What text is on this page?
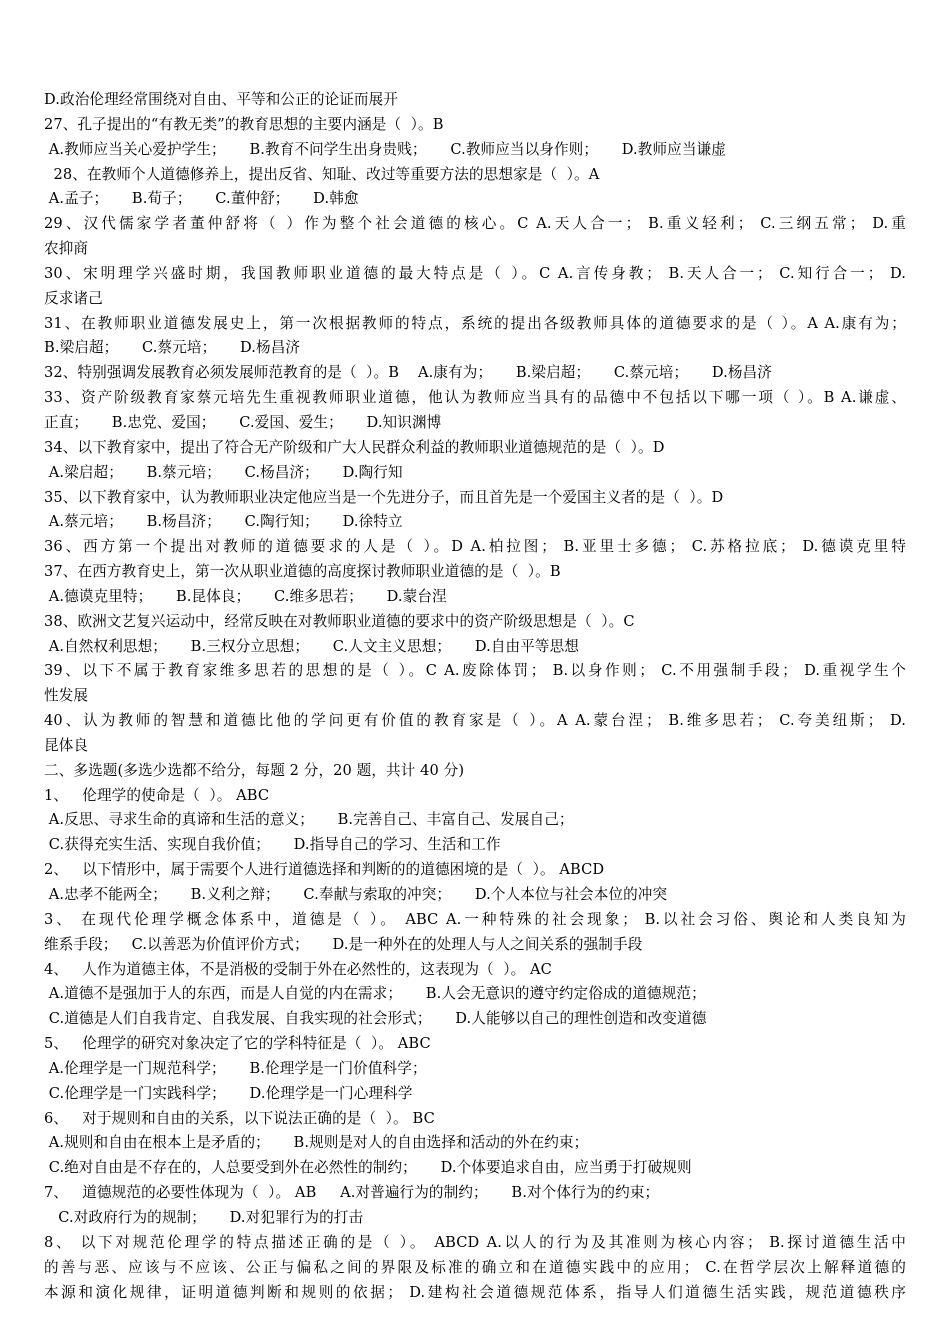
D.政治伦理经常围绕对自由、平等和公正的论证而展开
27、孔子提出的“有教无类”的教育思想的主要内涵是（  ）。B
A.教师应当关心爱护学生；     B.教育不问学生出身贵贱；     C.教师应当以身作则；     D.教师应当谦虚
28、在教师个人道德修养上，提出反省、知耻、改过等重要方法的思想家是（  ）。A
A.孟子；     B.荀子；     C.董仲舒；     D.韩愈
29、汉代儒家学者董仲舒将（ ）作为整个社会道德的核心。C A.天人合一； B.重义轻利； C.三纲五常； D.重
农抑商
30、宋明理学兴盛时期，我国教师职业道德的最大特点是（ ）。C A.言传身教； B.天人合一； C.知行合一； D.
反求诸己
31、在教师职业道德发展史上，第一次根据教师的特点，系统的提出各级教师具体的道德要求的是（ ）。A A.康有为；
B.梁启超；     C.蔡元培；     D.杨昌济
32、特别强调发展教育必须发展师范教育的是（  ）。B    A.康有为；     B.梁启超；     C.蔡元培；     D.杨昌济
33、资产阶级教育家蔡元培先生重视教师职业道德，他认为教师应当具有的品德中不包括以下哪一项（ ）。B A.谦虚、
正直；     B.忠党、爱国；     C.爱国、爱生；     D.知识渊博
34、以下教育家中，提出了符合无产阶级和广大人民群众利益的教师职业道德规范的是（  ）。D
A.梁启超；     B.蔡元培；     C.杨昌济；     D.陶行知
35、以下教育家中，认为教师职业决定他应当是一个先进分子，而且首先是一个爱国主义者的是（  ）。D
A.蔡元培；     B.杨昌济；     C.陶行知；     D.徐特立
36、西方第一个提出对教师的道德要求的人是（ ）。D A.柏拉图； B.亚里士多德； C.苏格拉底； D.德谟克里特
37、在西方教育史上，第一次从职业道德的高度探讨教师职业道德的是（  ）。B
A.德谟克里特；     B.昆体良；     C.维多思若；     D.蒙台涅
38、欧洲文艺复兴运动中，经常反映在对教师职业道德的要求中的资产阶级思想是（  ）。C
A.自然权利思想；     B.三权分立思想；     C.人文主义思想；     D.自由平等思想
39、以下不属于教育家维多思若的思想的是（ ）。C A.废除体罚； B.以身作则； C.不用强制手段； D.重视学生个
性发展
40、认为教师的智慧和道德比他的学问更有价值的教育家是（ ）。A A.蒙台涅； B.维多思若； C.夸美纽斯； D.
昆体良
二、多选题(多选少选都不给分，每题 2 分，20 题，共计 40 分)
1、   伦理学的使命是（  ）。 ABC
A.反思、寻求生命的真谛和生活的意义；     B.完善自己、丰富自己、发展自己；
C.获得充实生活、实现自我价值；     D.指导自己的学习、生活和工作
2、   以下情形中，属于需要个人进行道德选择和判断的的道德困境的是（  ）。 ABCD
A.忠孝不能两全；     B.义利之辩；     C.奉献与索取的冲突；     D.个人本位与社会本位的冲突
3、 在现代伦理学概念体系中，道德是（ ）。 ABC A.一种特殊的社会现象； B.以社会习俗、舆论和人类良知为
维系手段；   C.以善恶为价值评价方式；     D.是一种外在的处理人与人之间关系的强制手段
4、   人作为道德主体，不是消极的受制于外在必然性的，这表现为（  ）。 AC
A.道德不是强加于人的东西，而是人自觉的内在需求；     B.人会无意识的遵守约定俗成的道德规范；
C.道德是人们自我肯定、自我发展、自我实现的社会形式；     D.人能够以自己的理性创造和改变道德
5、   伦理学的研究对象决定了它的学科特征是（  ）。 ABC
A.伦理学是一门规范科学；     B.伦理学是一门价值科学；
C.伦理学是一门实践科学；     D.伦理学是一门心理科学
6、   对于规则和自由的关系，以下说法正确的是（  ）。 BC
A.规则和自由在根本上是矛盾的；     B.规则是对人的自由选择和活动的外在约束；
C.绝对自由是不存在的，人总要受到外在必然性的制约；     D.个体要追求自由，应当勇于打破规则
7、   道德规范的必要性体现为（  ）。 AB     A.对普遍行为的制约；     B.对个体行为的约束；
C.对政府行为的规制；     D.对犯罪行为的打击
8、 以下对规范伦理学的特点描述正确的是（ ）。 ABCD A.以人的行为及其准则为核心内容； B.探讨道德生活中
的善与恶、应该与不应该、公正与偏私之间的界限及标准的确立和在道德实践中的应用； C.在哲学层次上解释道德的
本源和演化规律，证明道德判断和规则的依据； D.建构社会道德规范体系，指导人们道德生活实践，规范道德秩序
